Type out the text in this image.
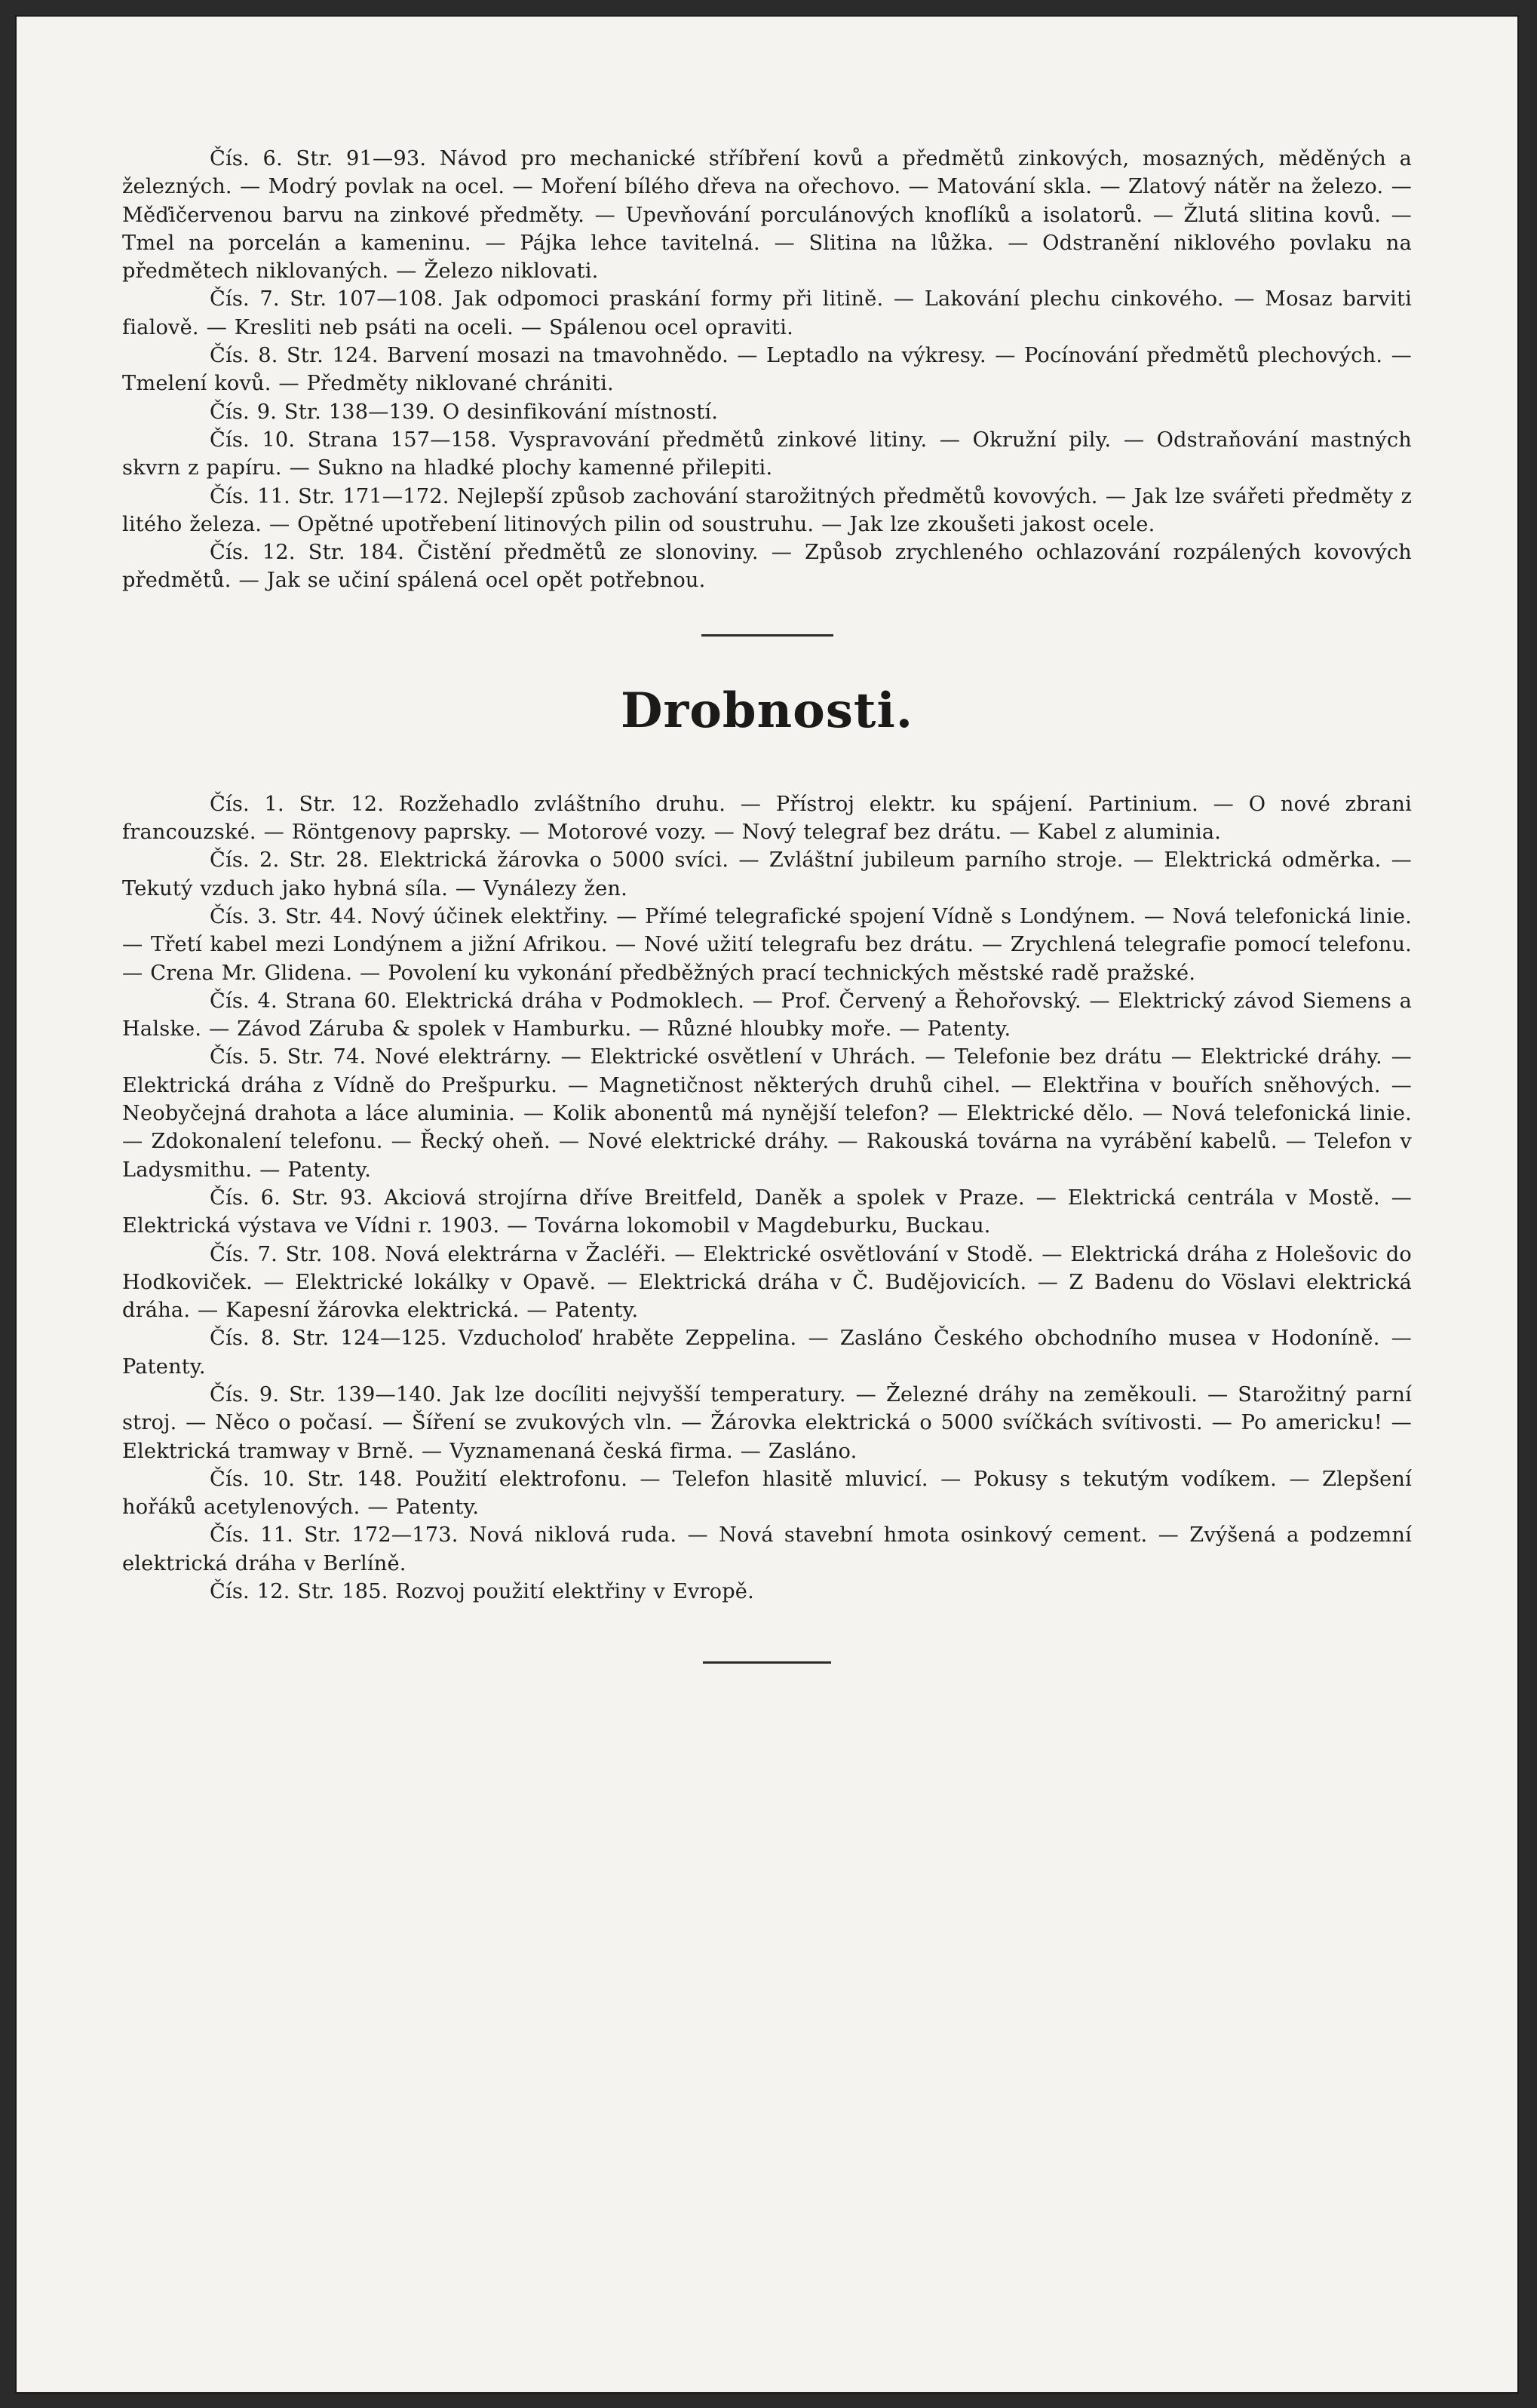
Čís. 6. Str. 91—93. Návod pro mechanické stříbření kovů a předmětů zinkových, mosazných, měděných a železných. — Modrý povlak na ocel. — Moření bílého dřeva na ořechovo. — Matování skla. — Zlatový nátěr na železo. — Měďičervenou barvu na zinkové předměty. — Upevňování porculánových knoflíků a isolatorů. — Žlutá slitina kovů. — Tmel na porcelán a kameninu. — Pájka lehce tavitelná. — Slitina na lůžka. — Odstranění niklového povlaku na předmětech niklovaných. — Železo niklovati.

Čís. 7. Str. 107—108. Jak odpomoci praskání formy při litině. — Lakování plechu cinkového. — Mosaz barviti fialově. — Kresliti neb psáti na oceli. — Spálenou ocel opraviti.

Čís. 8. Str. 124. Barvení mosazi na tmavohnědo. — Leptadlo na výkresy. — Pocínování předmětů plechových. — Tmelení kovů. — Předměty niklované chrániti.

Čís. 9. Str. 138—139. O desinfikování místností.

Čís. 10. Strana 157—158. Vyspravování předmětů zinkové litiny. — Okružní pily. — Odstraňování mastných skvrn z papíru. — Sukno na hladké plochy kamenné přilepiti.

Čís. 11. Str. 171—172. Nejlepší způsob zachování starožitných předmětů kovových. — Jak lze svářeti předměty z litého železa. — Opětné upotřebení litinových pilin od soustruhu. — Jak lze zkoušeti jakost ocele.

Čís. 12. Str. 184. Čistění předmětů ze slonoviny. — Způsob zrychleného ochlazování rozpálených kovových předmětů. — Jak se učiní spálená ocel opět potřebnou.

Drobnosti.

Čís. 1. Str. 12. Rozžehadlo zvláštního druhu. — Přístroj elektr. ku spájení. Partinium. — O nové zbrani francouzské. — Röntgenovy paprsky. — Motorové vozy. — Nový telegraf bez drátu. — Kabel z aluminia.

Čís. 2. Str. 28. Elektrická žárovka o 5000 svíci. — Zvláštní jubileum parního stroje. — Elektrická odměrka. — Tekutý vzduch jako hybná síla. — Vynálezy žen.

Čís. 3. Str. 44. Nový účinek elektřiny. — Přímé telegrafické spojení Vídně s Londýnem. — Nová telefonická linie. — Třetí kabel mezi Londýnem a jižní Afrikou. — Nové užití telegrafu bez drátu. — Zrychlená telegrafie pomocí telefonu. — Crena Mr. Glidena. — Povolení ku vykonání předběžných prací technických městské radě pražské.

Čís. 4. Strana 60. Elektrická dráha v Podmoklech. — Prof. Červený a Řehořovský. — Elektrický závod Siemens a Halske. — Závod Záruba & spolek v Hamburku. — Různé hloubky moře. — Patenty.

Čís. 5. Str. 74. Nové elektrárny. — Elektrické osvětlení v Uhrách. — Telefonie bez drátu — Elektrické dráhy. — Elektrická dráha z Vídně do Prešpurku. — Magnetičnost některých druhů cihel. — Elektřina v bouřích sněhových. — Neobyčejná drahota a láce aluminia. — Kolik abonentů má nynější telefon? — Elektrické dělo. — Nová telefonická linie. — Zdokonalení telefonu. — Řecký oheň. — Nové elektrické dráhy. — Rakouská továrna na vyrábění kabelů. — Telefon v Ladysmithu. — Patenty.

Čís. 6. Str. 93. Akciová strojírna dříve Breitfeld, Daněk a spolek v Praze. — Elektrická centrála v Mostě. — Elektrická výstava ve Vídni r. 1903. — Továrna lokomobil v Magdeburku, Buckau.

Čís. 7. Str. 108. Nová elektrárna v Žacléři. — Elektrické osvětlování v Stodě. — Elektrická dráha z Holešovic do Hodkoviček. — Elektrické lokálky v Opavě. — Elektrická dráha v Č. Budějovicích. — Z Badenu do Vöslavi elektrická dráha. — Kapesní žárovka elektrická. — Patenty.

Čís. 8. Str. 124—125. Vzducholoď hraběte Zeppelina. — Zasláno Českého obchodního musea v Hodoníně. — Patenty.

Čís. 9. Str. 139—140. Jak lze docíliti nejvyšší temperatury. — Železné dráhy na zeměkouli. — Starožitný parní stroj. — Něco o počasí. — Šíření se zvukových vln. — Žárovka elektrická o 5000 svíčkách svítivosti. — Po americku! — Elektrická tramway v Brně. — Vyznamenaná česká firma. — Zasláno.

Čís. 10. Str. 148. Použití elektrofonu. — Telefon hlasitě mluvicí. — Pokusy s tekutým vodíkem. — Zlepšení hořáků acetylenových. — Patenty.

Čís. 11. Str. 172—173. Nová niklová ruda. — Nová stavební hmota osinkový cement. — Zvýšená a podzemní elektrická dráha v Berlíně.

Čís. 12. Str. 185. Rozvoj použití elektřiny v Evropě.
